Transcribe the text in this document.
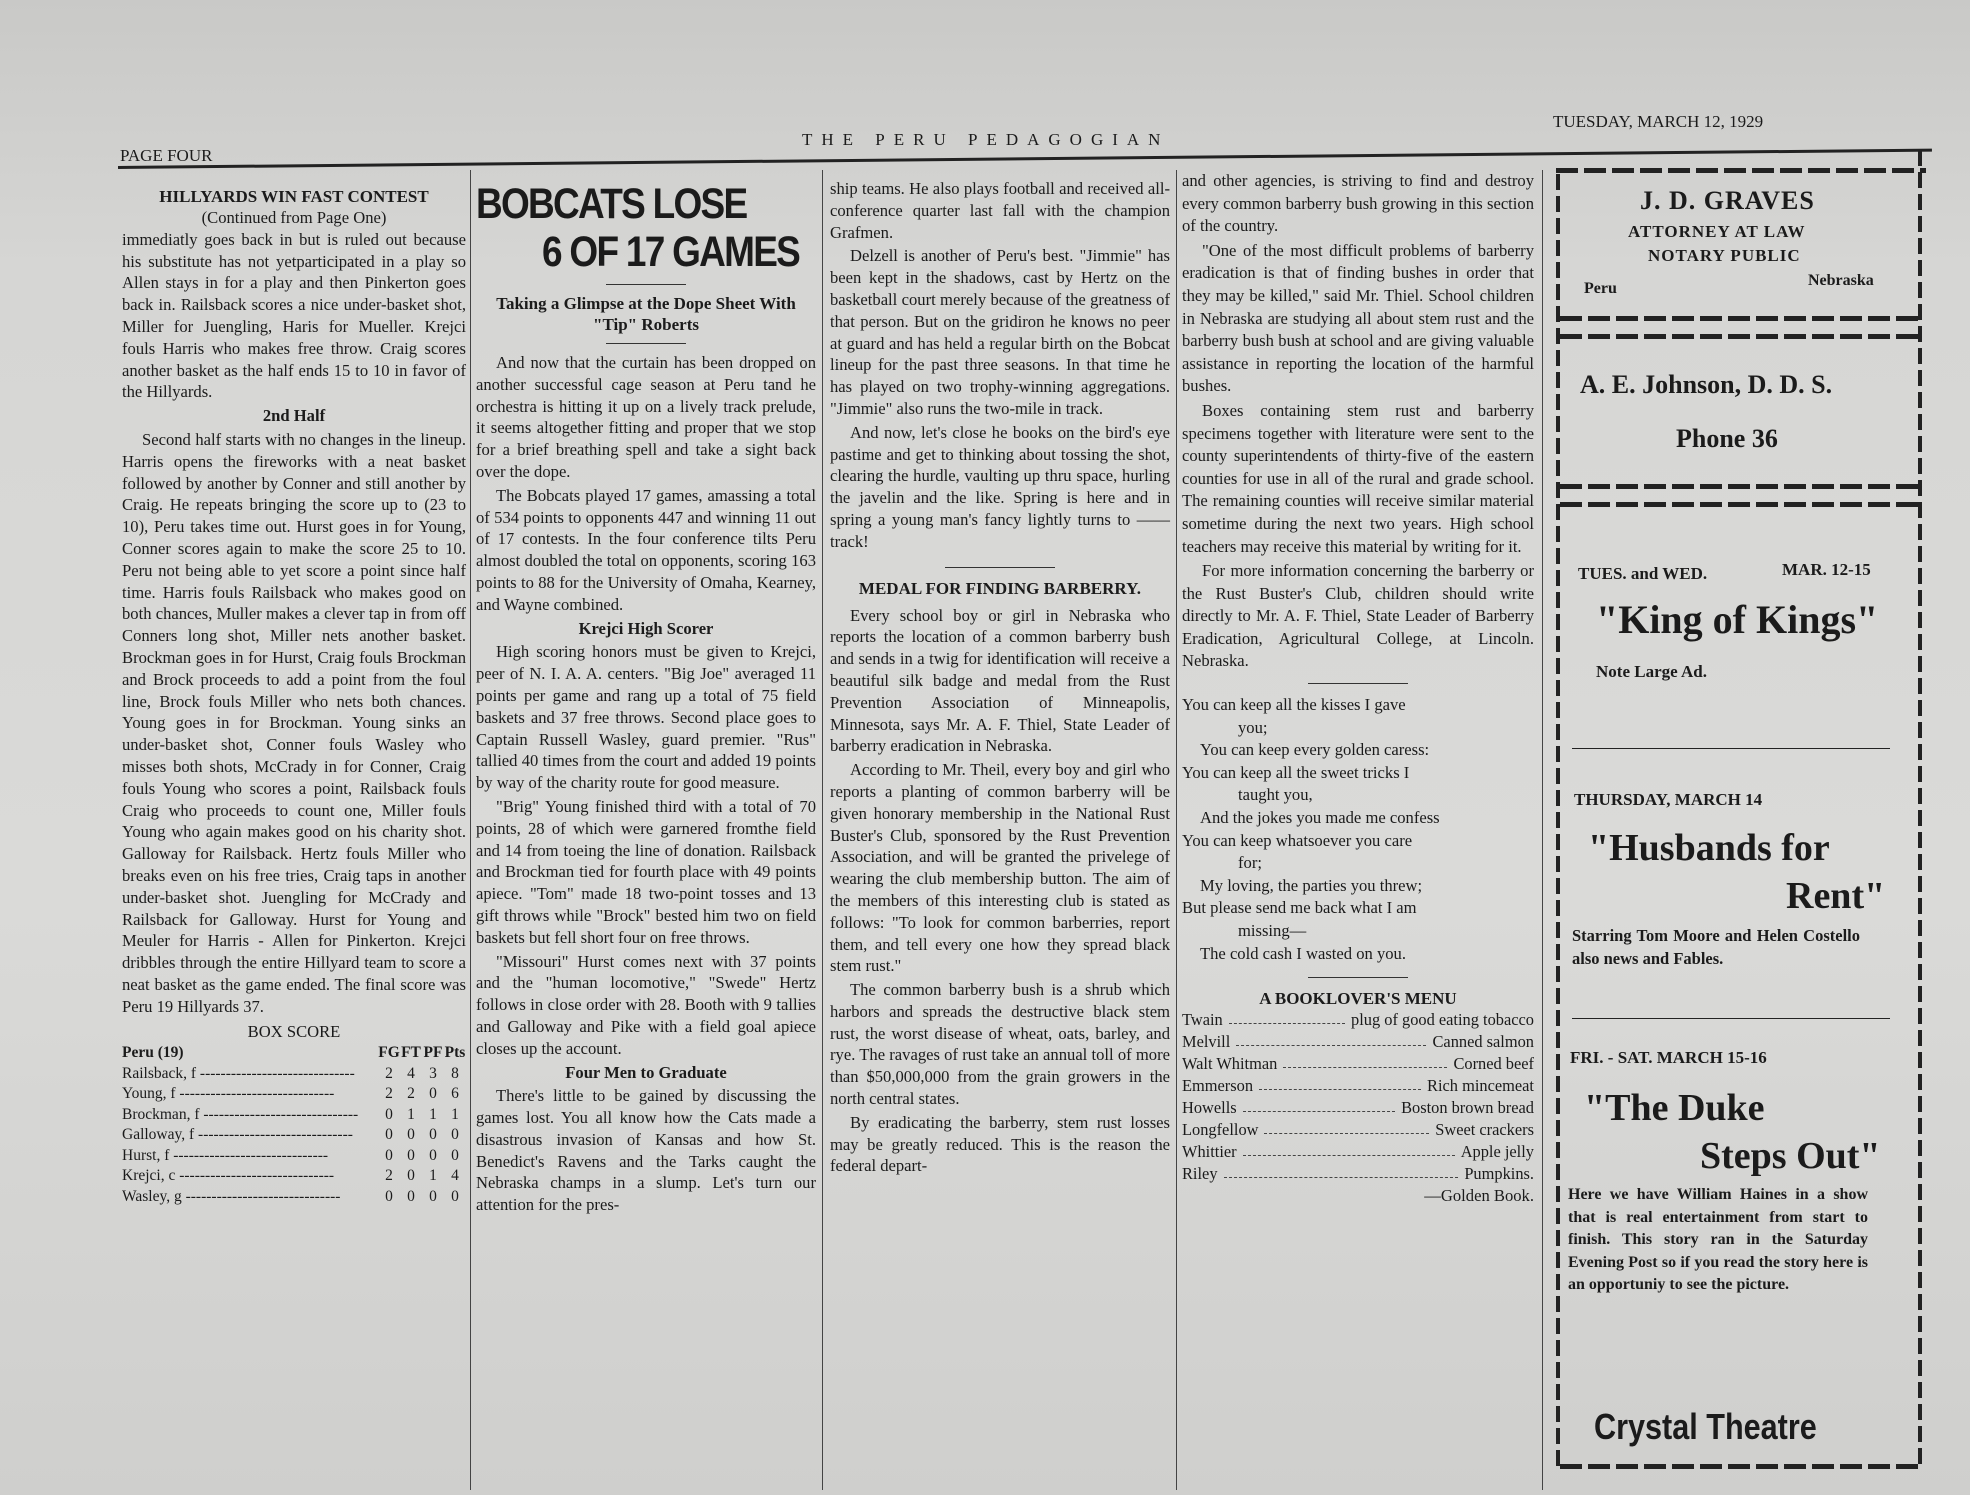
PAGE FOUR
THE PERU PEDAGOGIAN
TUESDAY, MARCH 12, 1929
HILLYARDS WIN FAST CONTEST
(Continued from Page One)

immediatly goes back in but is ruled out because his substitute has not yetparticipated in a play so Allen stays in for a play and then Pinkerton goes back in. Railsback scores a nice under-basket shot, Miller for Juengling, Haris for Mueller. Krejci fouls Harris who makes free throw. Craig scores another basket as the half ends 15 to 10 in favor of the Hillyards.

2nd Half

Second half starts with no changes in the lineup. Harris opens the fireworks with a neat basket followed by another by Conner and still another by Craig. He repeats bringing the score up to (23 to 10), Peru takes time out. Hurst goes in for Young, Conner scores again to make the score 25 to 10. Peru not being able to yet score a point since half time. Harris fouls Railsback who makes good on both chances, Muller makes a clever tap in from off Conners long shot, Miller nets another basket. Brockman goes in for Hurst, Craig fouls Brockman and Brock proceeds to add a point from the foul line, Brock fouls Miller who nets both chances. Young goes in for Brockman. Young sinks an under-basket shot, Conner fouls Wasley who misses both shots, McCrady in for Conner, Craig fouls Young who scores a point, Railsback fouls Craig who proceeds to count one, Miller fouls Young who again makes good on his charity shot. Galloway for Railsback. Hertz fouls Miller who breaks even on his free tries, Craig taps in another under-basket shot. Juengling for McCrady and Railsback for Galloway. Hurst for Young and Meuler for Harris - Allen for Pinkerton. Krejci dribbles through the entire Hillyard team to score a neat basket as the game ended. The final score was Peru 19 Hillyards 37.

BOX SCORE
Peru (19)	FG FT PF Pts
Railsback, f ------------------------------	2 4 3 8
Young, f ------------------------------	2 2 0 6
Brockman, f ------------------------------	0 1 1 1
Galloway, f ------------------------------	0 0 0 0
Hurst, f ------------------------------	0 0 0 0
Krejci, c ------------------------------	2 0 1 4
Wasley, g ------------------------------	0 0 0 0
BOBCATS LOSE
6 OF 17 GAMES
Taking a Glimpse at the Dope Sheet With "Tip" Roberts

And now that the curtain has been dropped on another successful cage season at Peru tand he orchestra is hitting it up on a lively track prelude, it seems altogether fitting and proper that we stop for a brief breathing spell and take a sight back over the dope.

The Bobcats played 17 games, amassing a total of 534 points to opponents 447 and winning 11 out of 17 contests. In the four conference tilts Peru almost doubled the total on opponents, scoring 163 points to 88 for the University of Omaha, Kearney, and Wayne combined.

Krejci High Scorer

High scoring honors must be given to Krejci, peer of N. I. A. A. centers. "Big Joe" averaged 11 points per game and rang up a total of 75 field baskets and 37 free throws. Second place goes to Captain Russell Wasley, guard premier. "Rus" tallied 40 times from the court and added 19 points by way of the charity route for good measure.

"Brig" Young finished third with a total of 70 points, 28 of which were garnered fromthe field and 14 from toeing the line of donation. Railsback and Brockman tied for fourth place with 49 points apiece. "Tom" made 18 two-point tosses and 13 gift throws while "Brock" bested him two on field baskets but fell short four on free throws.

"Missouri" Hurst comes next with 37 points and the "human locomotive," "Swede" Hertz follows in close order with 28. Booth with 9 tallies and Galloway and Pike with a field goal apiece closes up the account.

Four Men to Graduate

There's little to be gained by discussing the games lost. You all know how the Cats made a disastrous invasion of Kansas and how St. Benedict's Ravens and the Tarks caught the Nebraska champs in a slump. Let's turn our attention for the pres-

ship teams. He also plays football and received all-conference quarter last fall with the champion Grafmen.

Delzell is another of Peru's best. "Jimmie" has been kept in the shadows, cast by Hertz on the basketball court merely because of the greatness of that person. But on the gridiron he knows no peer at guard and has held a regular birth on the Bobcat lineup for the past three seasons. In that time he has played on two trophy-winning aggregations. "Jimmie" also runs the two-mile in track.

And now, let's close he books on the bird's eye pastime and get to thinking about tossing the shot, clearing the hurdle, vaulting up thru space, hurling the javelin and the like. Spring is here and in spring a young man's fancy lightly turns to ——track!

MEDAL FOR FINDING BARBERRY.

Every school boy or girl in Nebraska who reports the location of a common barberry bush and sends in a twig for identification will receive a beautiful silk badge and medal from the Rust Prevention Association of Minneapolis, Minnesota, says Mr. A. F. Thiel, State Leader of barberry eradication in Nebraska.

According to Mr. Theil, every boy and girl who reports a planting of common barberry will be given honorary membership in the National Rust Buster's Club, sponsored by the Rust Prevention Association, and will be granted the privelege of wearing the club membership button. The aim of the members of this interesting club is stated as follows: "To look for common barberries, report them, and tell every one how they spread black stem rust."

The common barberry bush is a shrub which harbors and spreads the destructive black stem rust, the worst disease of wheat, oats, barley, and rye. The ravages of rust take an annual toll of more than $50,000,000 from the grain growers in the north central states.

By eradicating the barberry, stem rust losses may be greatly reduced. This is the reason the federal depart-

and other agencies, is striving to find and destroy every common barberry bush growing in this section of the country.

"One of the most difficult problems of barberry eradication is that of finding bushes in order that they may be killed," said Mr. Thiel. School children in Nebraska are studying all about stem rust and the barberry bush bush at school and are giving valuable assistance in reporting the location of the harmful bushes.

Boxes containing stem rust and barberry specimens together with literature were sent to the county superintendents of thirty-five of the eastern counties for use in all of the rural and grade school. The remaining counties will receive similar material sometime during the next two years. High school teachers may receive this material by writing for it.

For more information concerning the barberry or the Rust Buster's Club, children should write directly to Mr. A. F. Thiel, State Leader of Barberry Eradication, Agricultural College, at Lincoln. Nebraska.

You can keep all the kisses I gave

you;

You can keep every golden caress:

You can keep all the sweet tricks I

taught you,

And the jokes you made me confess

You can keep whatsoever you care

for;

My loving, the parties you threw;

But please send me back what I am

missing—

The cold cash I wasted on you.

A BOOKLOVER'S MENU
Twain	plug of good eating tobacco
Melvill	Canned salmon
Walt Whitman	Corned beef
Emmerson	Rich mincemeat
Howells	Boston brown bread
Longfellow	Sweet crackers
Whittier	Apple jelly
Riley	Pumpkins.
—Golden Book.
J. D. GRAVES
ATTORNEY AT LAW
NOTARY PUBLIC
Peru	Nebraska
A. E. Johnson, D. D. S.
Phone 36
TUES. and WED.	MAR. 12-15
"King of Kings"
Note Large Ad.
THURSDAY, MARCH 14
"Husbands for
Rent"
Starring Tom Moore and Helen Costello also news and Fables.
FRI. - SAT. MARCH 15-16
"The Duke
Steps Out"
Here we have William Haines in a show that is real entertainment from start to finish. This story ran in the Saturday Evening Post so if you read the story here is an opportuniy to see the picture.
Crystal Theatre
